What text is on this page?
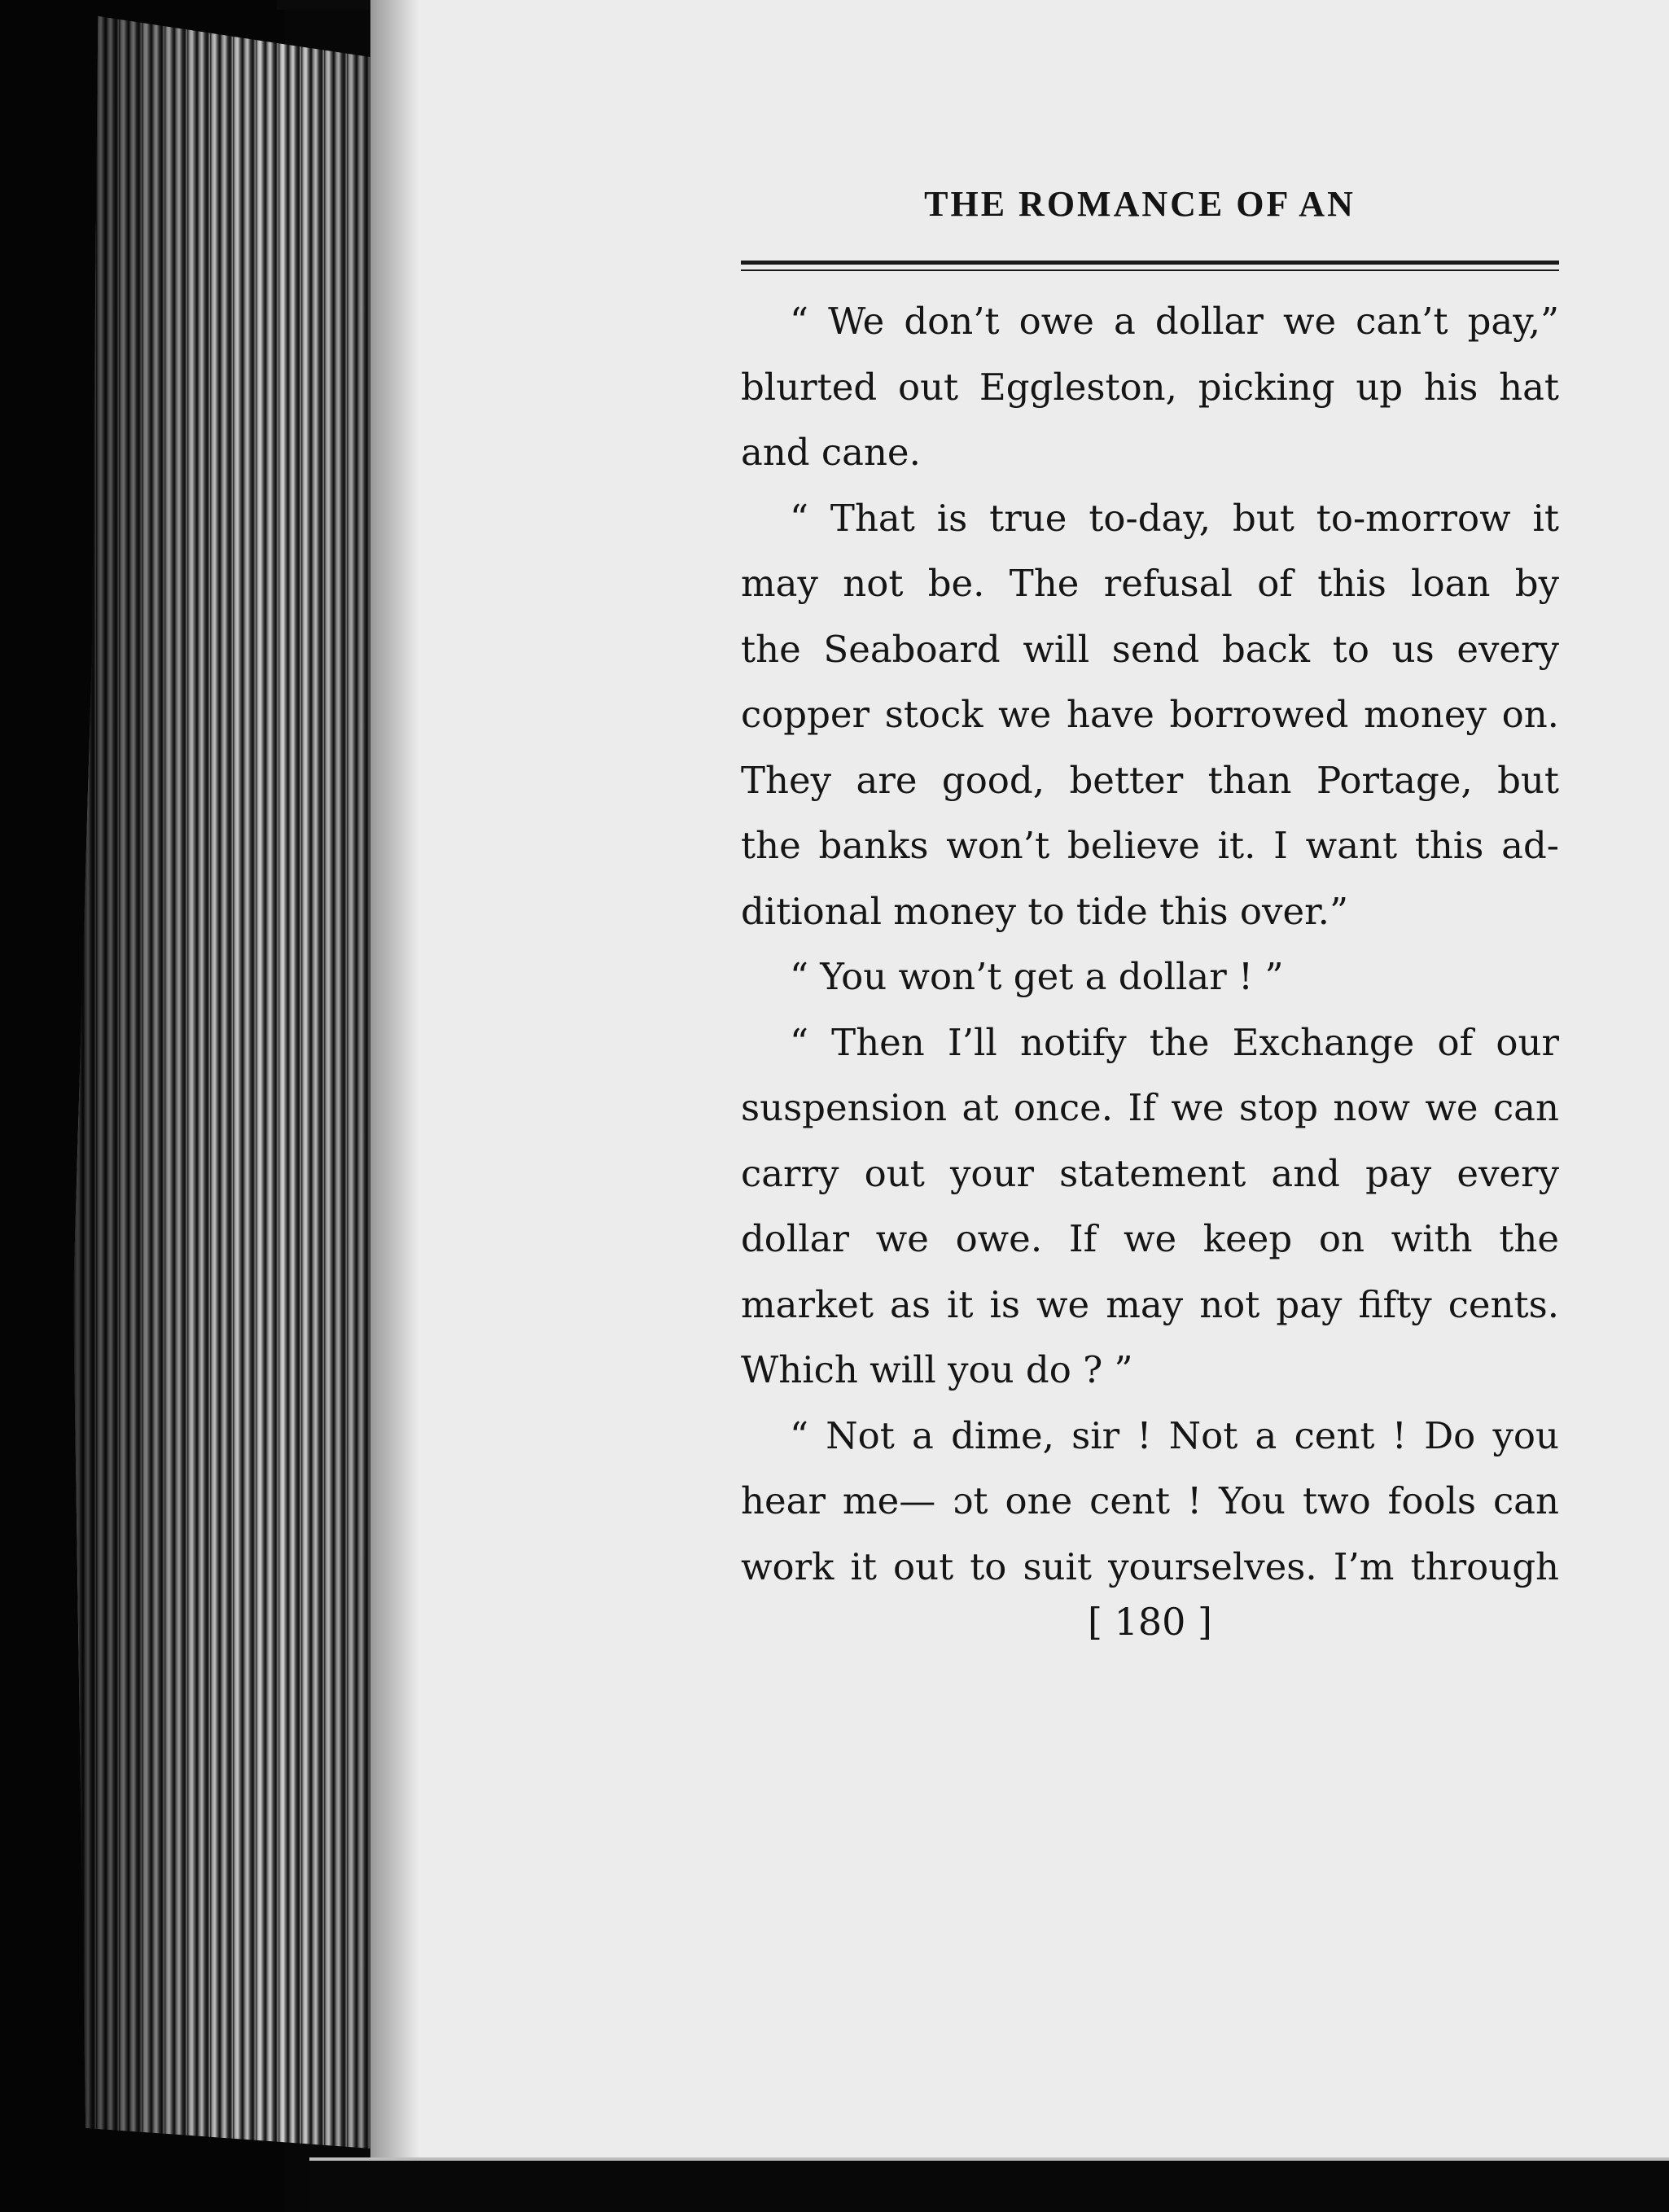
THE ROMANCE OF AN
“ We don’t owe a dollar we can’t pay,”
blurted out Eggleston, picking up his hat
and cane.
“ That is true to-day, but to-morrow it
may not be. The refusal of this loan by
the Seaboard will send back to us every
copper stock we have borrowed money on.
They are good, better than Portage, but
the banks won’t believe it. I want this ad-
ditional money to tide this over.”
“ You won’t get a dollar ! ”
“ Then I’ll notify the Exchange of our
suspension at once. If we stop now we can
carry out your statement and pay every
dollar we owe. If we keep on with the
market as it is we may not pay fifty cents.
Which will you do ? ”
“ Not a dime, sir ! Not a cent ! Do you
hear me— ɔt one cent ! You two fools can
work it out to suit yourselves. I’m through

[ 180 ]
